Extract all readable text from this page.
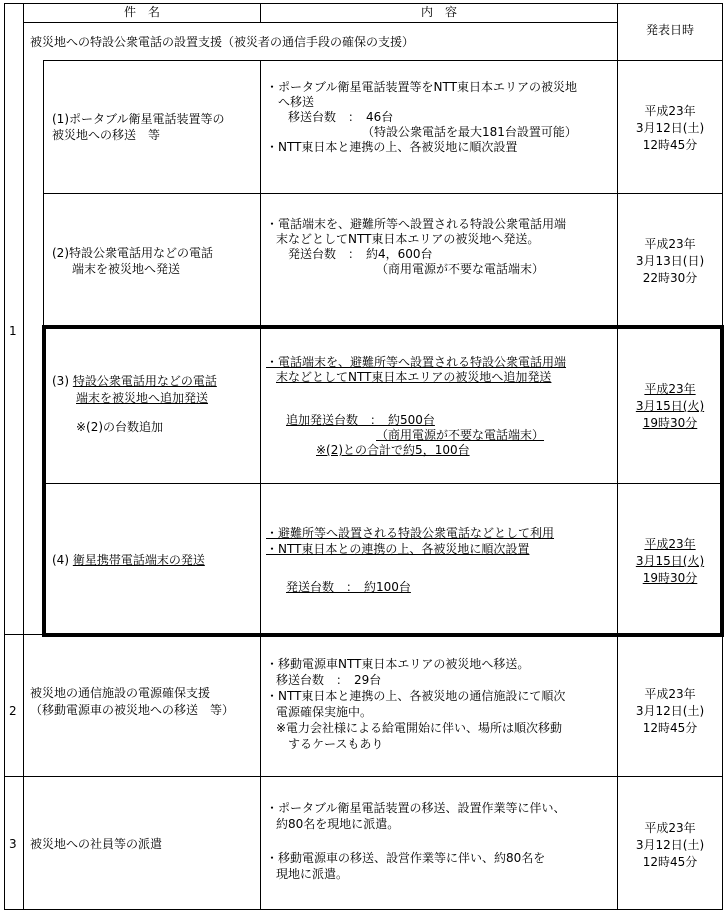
件　名	内　容
発表日時
1
被災地への特設公衆電話の設置支援（被災者の通信手段の確保の支援）
(1)ポータブル衛星電話装置等の
被災地への移送　等
・ポータブル衛星電話装置等をNTT東日本エリアの被災地
　へ移送
移送台数　：　46台
（特設公衆電話を最大181台設置可能）
・NTT東日本と連携の上、各被災地に順次設置
平成23年
3月12日(土)
12時45分
(2)特設公衆電話用などの電話
端末を被災地へ発送
・電話端末を、避難所等へ設置される特設公衆電話用端
末などとしてNTT東日本エリアの被災地へ発送。
発送台数　：　約4，600台
（商用電源が不要な電話端末）
平成23年
3月13日(日)
22時30分
(3) 特設公衆電話用などの電話
端末を被災地へ追加発送
※(2)の台数追加
・電話端末を、避難所等へ設置される特設公衆電話用端
末などとしてNTT東日本エリアの被災地へ追加発送
追加発送台数　：　約500台
（商用電源が不要な電話端末）
※(2)との合計で約5，100台
平成23年
3月15日(火)
19時30分
(4) 衛星携帯電話端末の発送
・避難所等へ設置される特設公衆電話などとして利用
・NTT東日本との連携の上、各被災地に順次設置
発送台数　：　約100台
平成23年
3月15日(火)
19時30分
2
被災地の通信施設の電源確保支援
（移動電源車の被災地への移送　等）
・移動電源車NTT東日本エリアの被災地へ移送。
移送台数　：　29台
・NTT東日本と連携の上、各被災地の通信施設にて順次
電源確保実施中。
※電力会社様による給電開始に伴い、場所は順次移動
するケースもあり
平成23年
3月12日(土)
12時45分
3 被災地への社員等の派遣
・ポータブル衛星電話装置の移送、設置作業等に伴い、
約80名を現地に派遣。
・移動電源車の移送、設営作業等に伴い、約80名を
現地に派遣。
平成23年
3月12日(土)
12時45分
